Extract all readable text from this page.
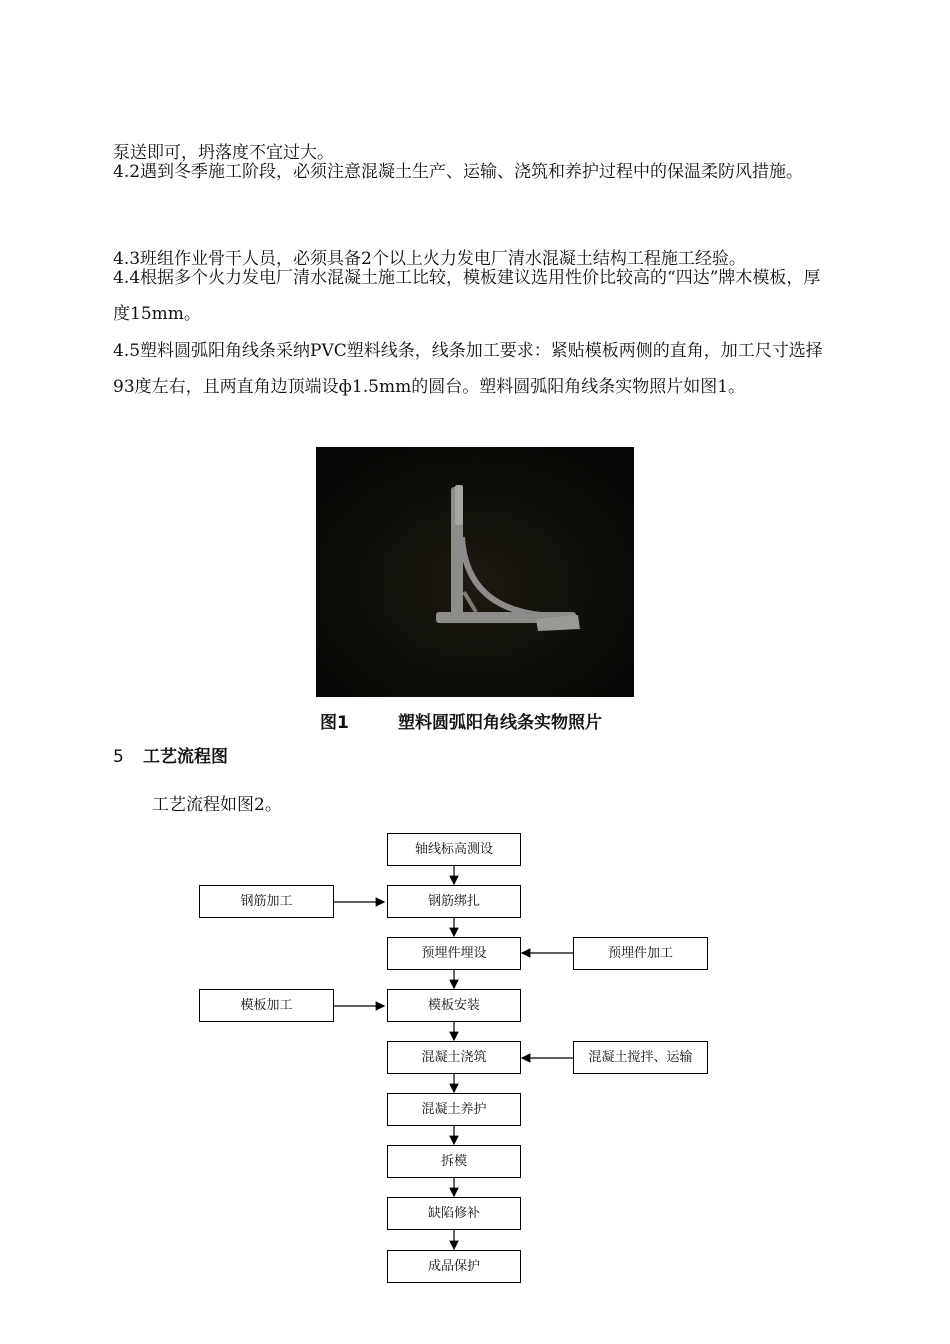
泵送即可，坍落度不宜过大。

4.2遇到冬季施工阶段，必须注意混凝土生产、运输、浇筑和养护过程中的保温柔防风措施。

4.3班组作业骨干人员，必须具备2个以上火力发电厂清水混凝土结构工程施工经验。

4.4根据多个火力发电厂清水混凝土施工比较，模板建议选用性价比较高的“四达”牌木模板，厚度15mm。

4.5塑料圆弧阳角线条采纳PVC塑料线条，线条加工要求：紧贴模板两侧的直角，加工尺寸选择93度左右，且两直角边顶端设ф1.5mm的圆台。塑料圆弧阳角线条实物照片如图1。

图1	塑料圆弧阳角线条实物照片
5 工艺流程图

工艺流程如图2。

轴线标高测设
钢筋绑扎
预埋件埋设
模板安装
混凝土浇筑
混凝土养护
拆模
缺陷修补
成品保护
钢筋加工
模板加工
预埋件加工
混凝土搅拌、运输
